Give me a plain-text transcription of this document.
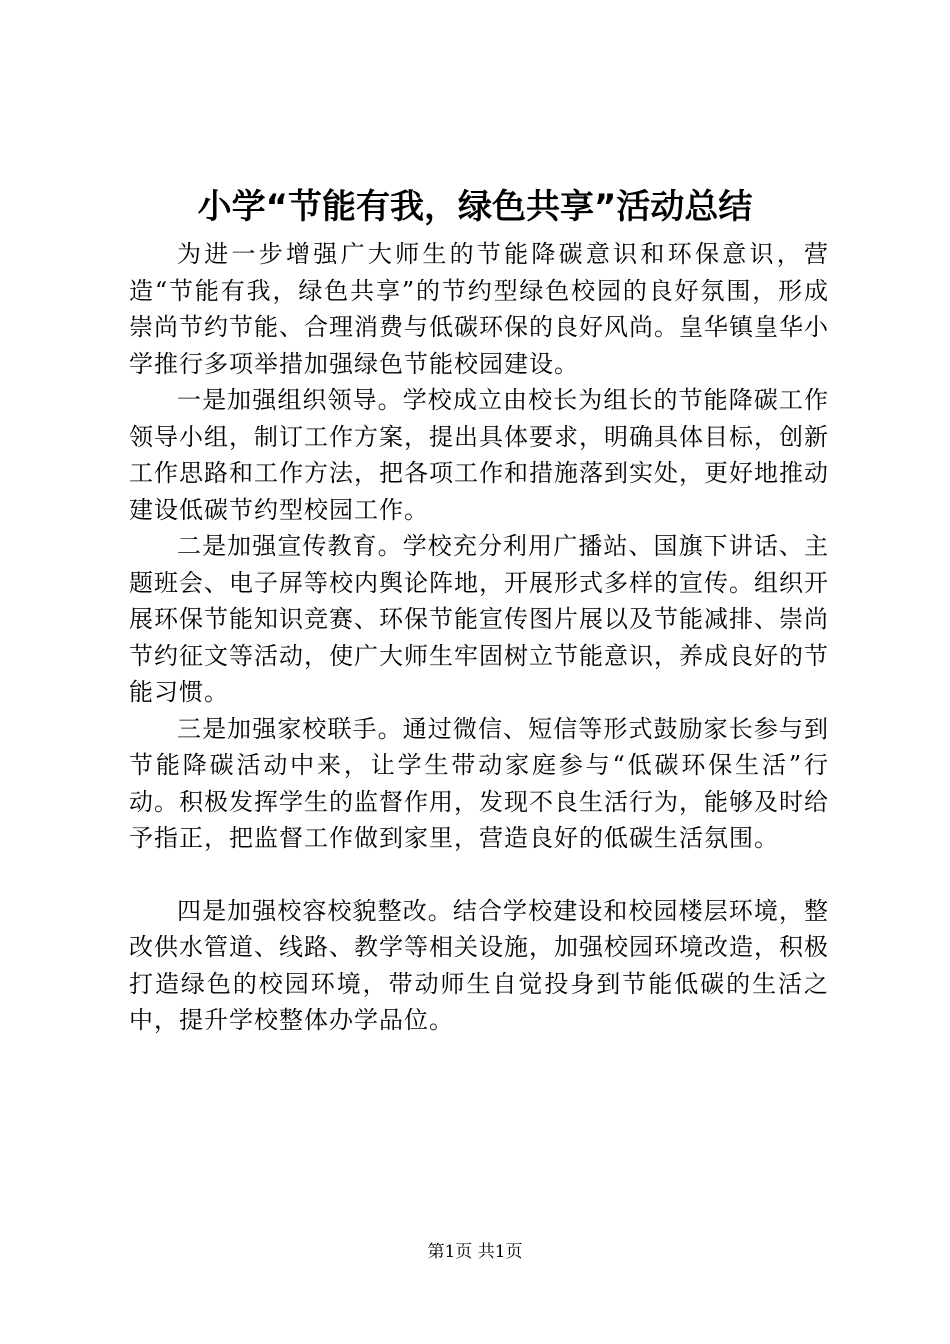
小学“节能有我，绿色共享”活动总结

为进一步增强广大师生的节能降碳意识和环保意识，营造“节能有我，绿色共享”的节约型绿色校园的良好氛围，形成崇尚节约节能、合理消费与低碳环保的良好风尚。皇华镇皇华小学推行多项举措加强绿色节能校园建设。

一是加强组织领导。学校成立由校长为组长的节能降碳工作领导小组，制订工作方案，提出具体要求，明确具体目标，创新工作思路和工作方法，把各项工作和措施落到实处，更好地推动建设低碳节约型校园工作。

二是加强宣传教育。学校充分利用广播站、国旗下讲话、主题班会、电子屏等校内舆论阵地，开展形式多样的宣传。组织开展环保节能知识竞赛、环保节能宣传图片展以及节能减排、崇尚节约征文等活动，使广大师生牢固树立节能意识，养成良好的节能习惯。

三是加强家校联手。通过微信、短信等形式鼓励家长参与到节能降碳活动中来，让学生带动家庭参与“低碳环保生活”行动。积极发挥学生的监督作用，发现不良生活行为，能够及时给予指正，把监督工作做到家里，营造良好的低碳生活氛围。

四是加强校容校貌整改。结合学校建设和校园楼层环境，整改供水管道、线路、教学等相关设施，加强校园环境改造，积极打造绿色的校园环境，带动师生自觉投身到节能低碳的生活之中，提升学校整体办学品位。

第1页 共1页
